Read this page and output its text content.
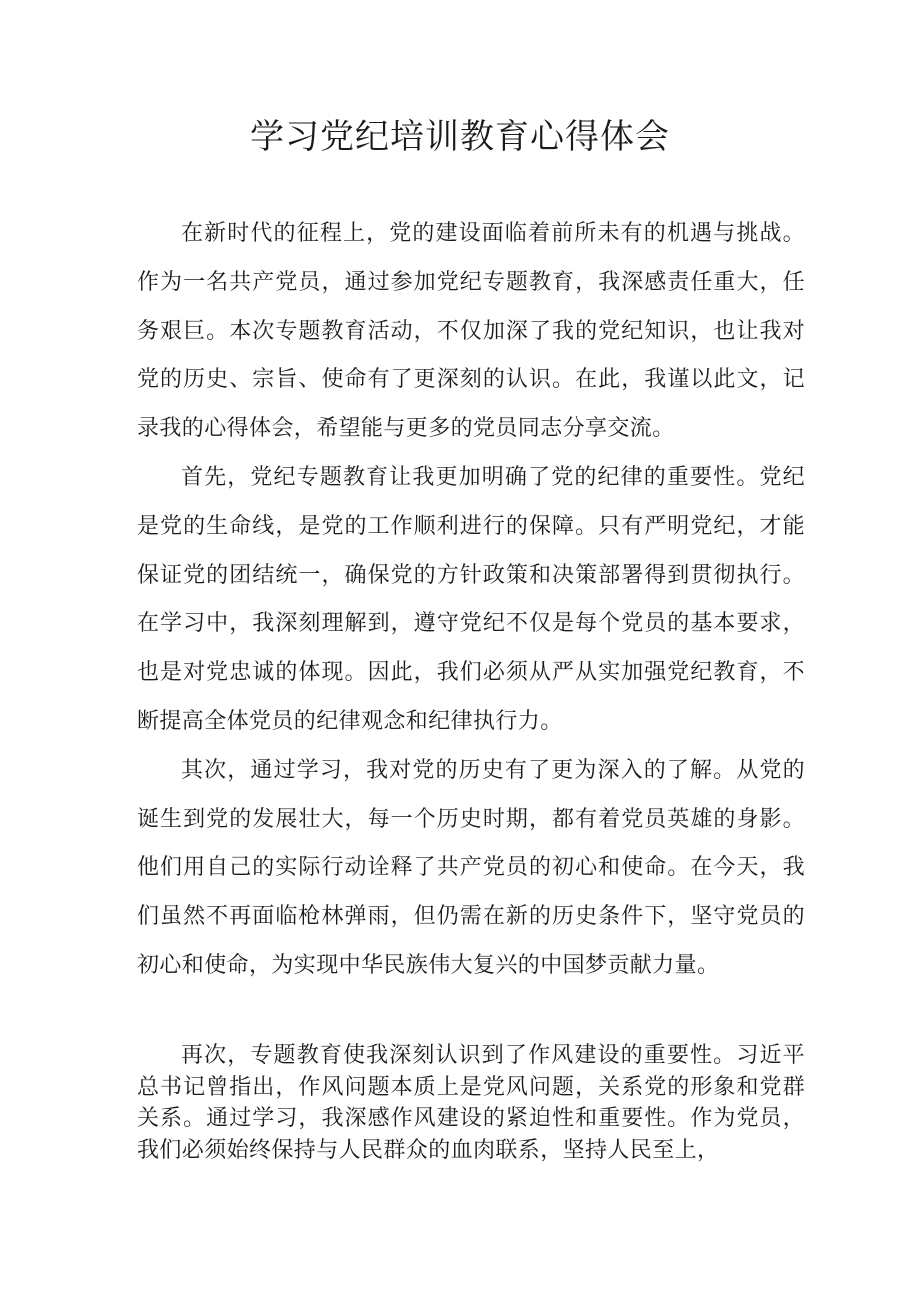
学习党纪培训教育心得体会

在新时代的征程上，党的建设面临着前所未有的机遇与挑战。作为一名共产党员，通过参加党纪专题教育，我深感责任重大，任务艰巨。本次专题教育活动，不仅加深了我的党纪知识，也让我对党的历史、宗旨、使命有了更深刻的认识。在此，我谨以此文，记录我的心得体会，希望能与更多的党员同志分享交流。

首先，党纪专题教育让我更加明确了党的纪律的重要性。党纪是党的生命线，是党的工作顺利进行的保障。只有严明党纪，才能保证党的团结统一，确保党的方针政策和决策部署得到贯彻执行。在学习中，我深刻理解到，遵守党纪不仅是每个党员的基本要求，也是对党忠诚的体现。因此，我们必须从严从实加强党纪教育，不断提高全体党员的纪律观念和纪律执行力。

其次，通过学习，我对党的历史有了更为深入的了解。从党的诞生到党的发展壮大，每一个历史时期，都有着党员英雄的身影。他们用自己的实际行动诠释了共产党员的初心和使命。在今天，我们虽然不再面临枪林弹雨，但仍需在新的历史条件下，坚守党员的初心和使命，为实现中华民族伟大复兴的中国梦贡献力量。

再次，专题教育使我深刻认识到了作风建设的重要性。习近平总书记曾指出，作风问题本质上是党风问题，关系党的形象和党群关系。通过学习，我深感作风建设的紧迫性和重要性。作为党员，我们必须始终保持与人民群众的血肉联系，坚持人民至上，
